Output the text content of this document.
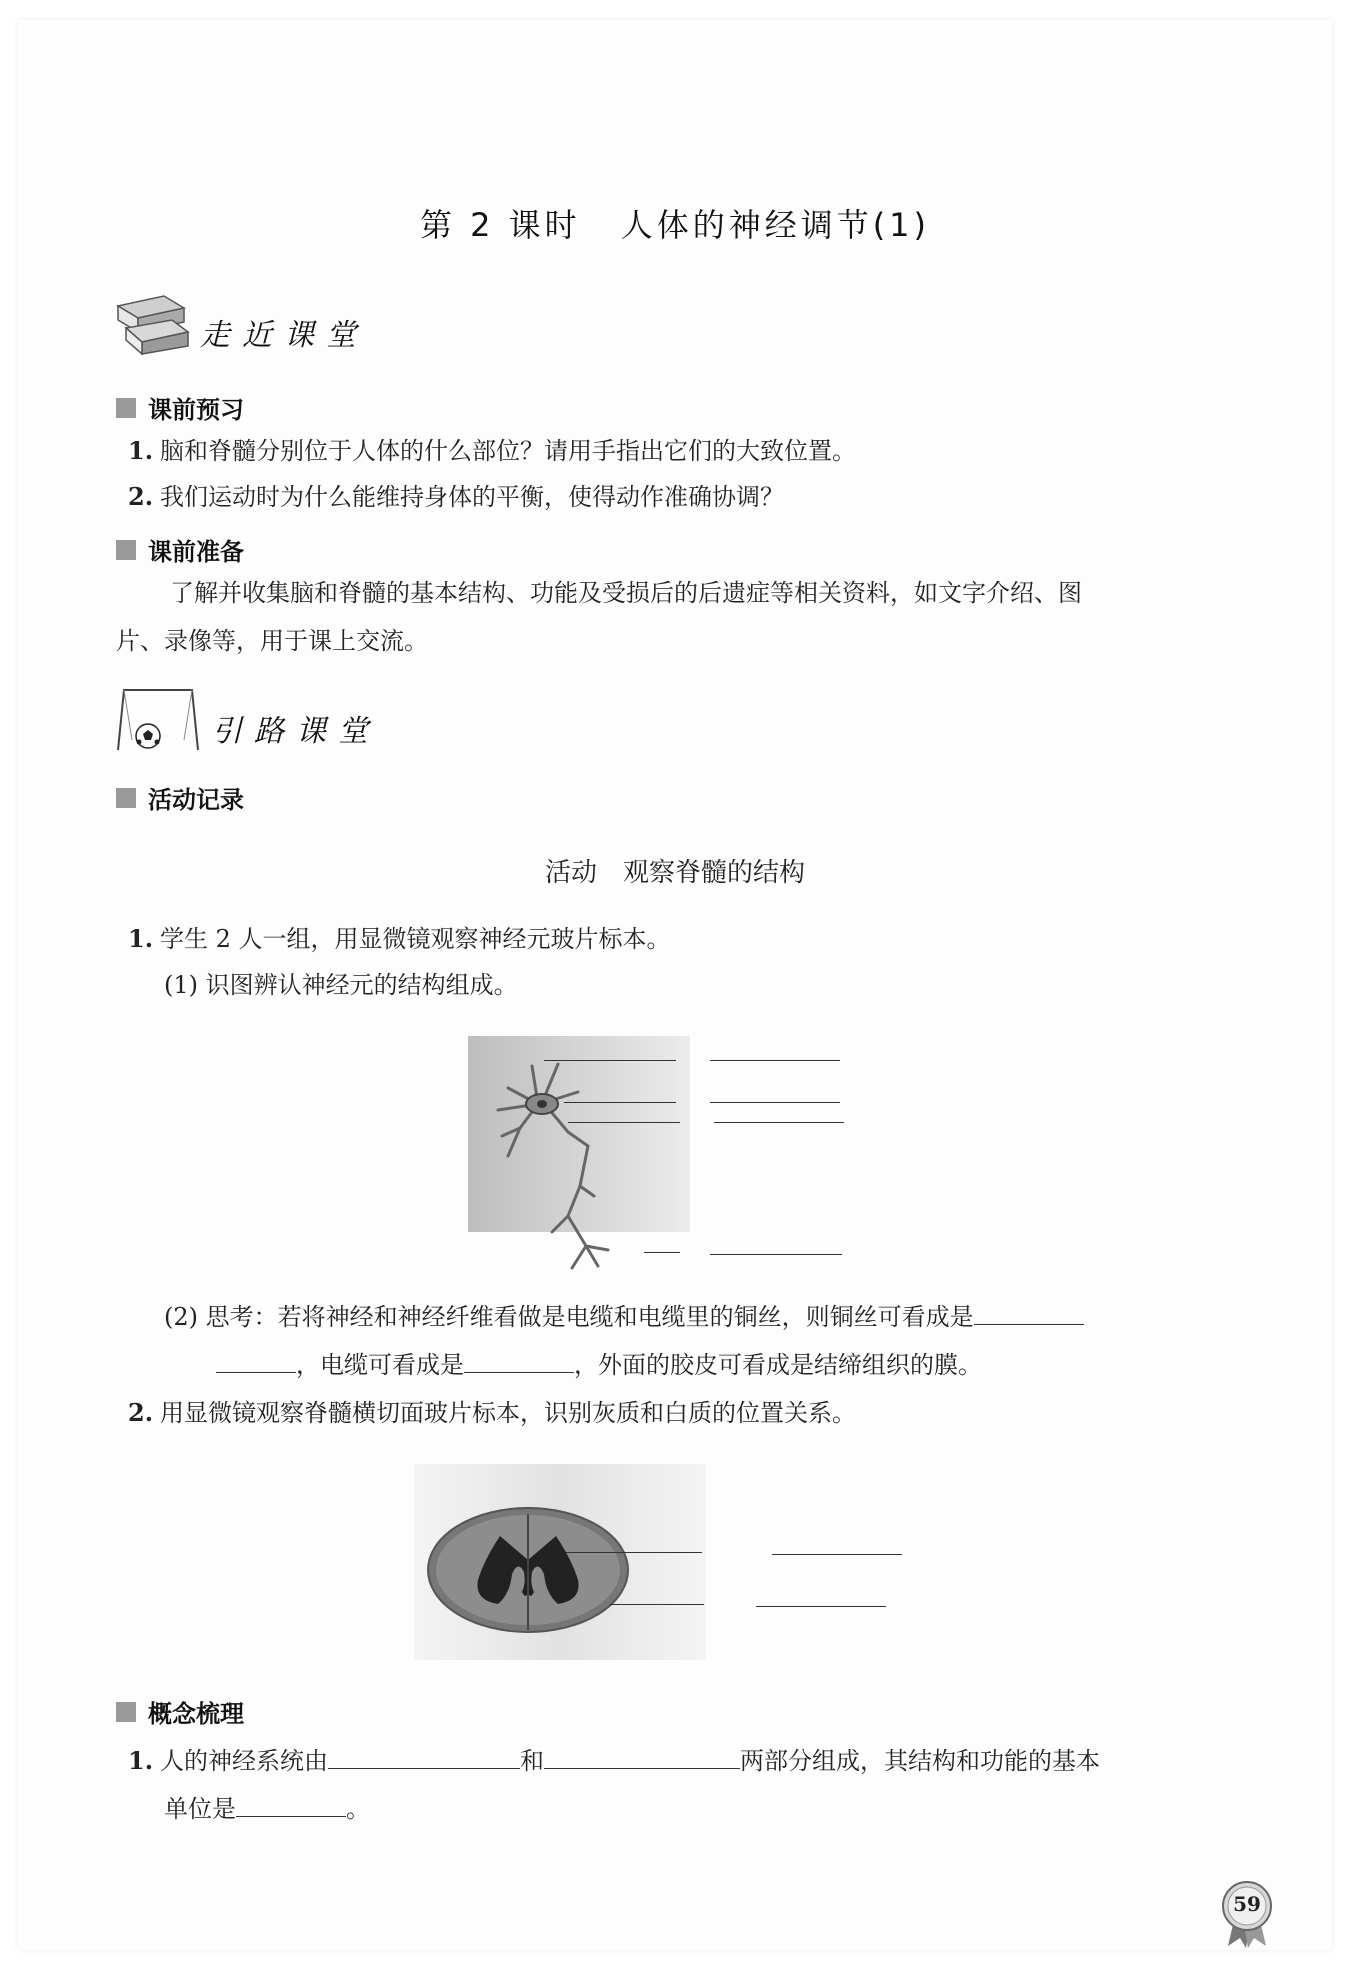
第 2 课时 人体的神经调节(1)
走近课堂
课前预习
1. 脑和脊髓分别位于人体的什么部位？请用手指出它们的大致位置。
2. 我们运动时为什么能维持身体的平衡，使得动作准确协调？
课前准备
了解并收集脑和脊髓的基本结构、功能及受损后的后遗症等相关资料，如文字介绍、图
片、录像等，用于课上交流。
引路课堂
活动记录
活动　观察脊髓的结构
1. 学生 2 人一组，用显微镜观察神经元玻片标本。
(1) 识图辨认神经元的结构组成。
(2) 思考：若将神经和神经纤维看做是电缆和电缆里的铜丝，则铜丝可看成是
，电缆可看成是	，外面的胶皮可看成是结缔组织的膜。
2. 用显微镜观察脊髓横切面玻片标本，识别灰质和白质的位置关系。
概念梳理
1. 人的神经系统由	和	两部分组成，其结构和功能的基本
单位是	。
59
